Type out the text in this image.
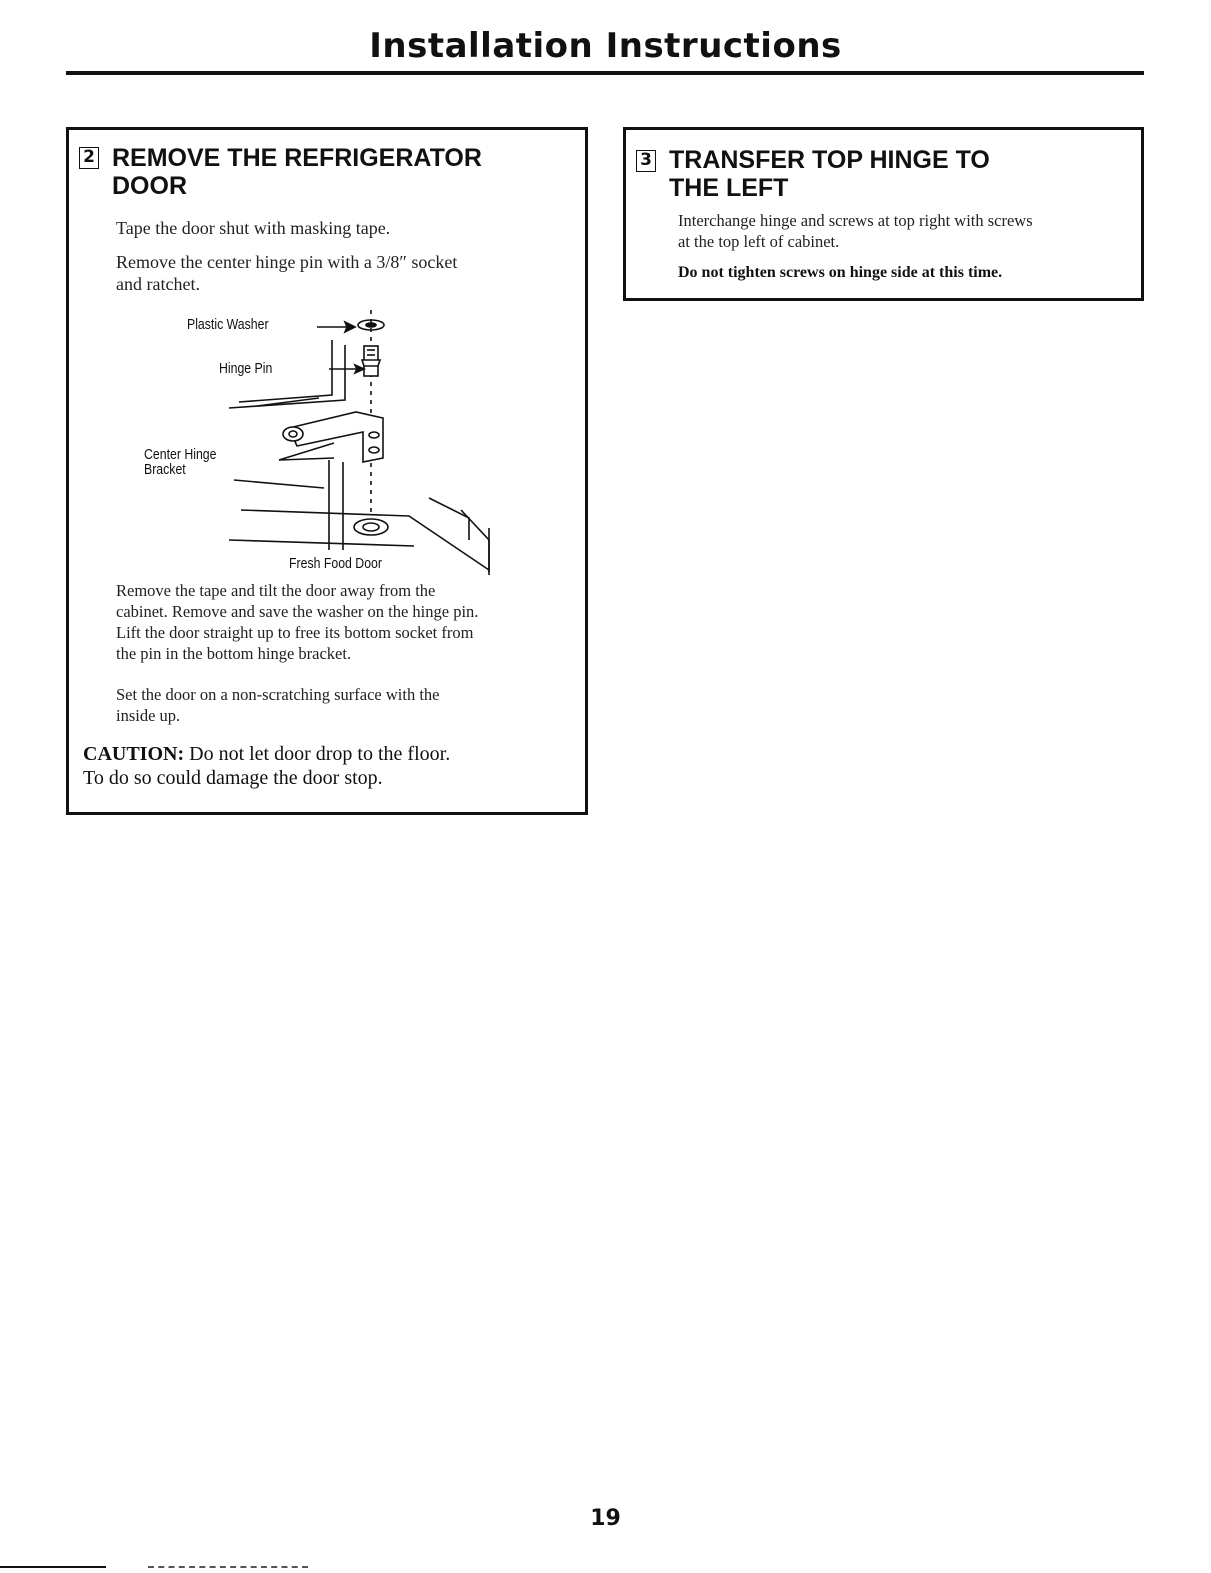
Installation Instructions
2 REMOVE THE REFRIGERATOR
DOOR
Tape the door shut with masking tape.
Remove the center hinge pin with a 3/8″ socket
and ratchet.
Plastic Washer
Hinge Pin
Center Hinge
Bracket
Fresh Food Door
Remove the tape and tilt the door away from the
cabinet. Remove and save the washer on the hinge pin.
Lift the door straight up to free its bottom socket from
the pin in the bottom hinge bracket.
Set the door on a non-scratching surface with the
inside up.
CAUTION: Do not let door drop to the floor.
To do so could damage the door stop.
3 TRANSFER TOP HINGE TO
THE LEFT
Interchange hinge and screws at top right with screws
at the top left of cabinet.
Do not tighten screws on hinge side at this time.
19
